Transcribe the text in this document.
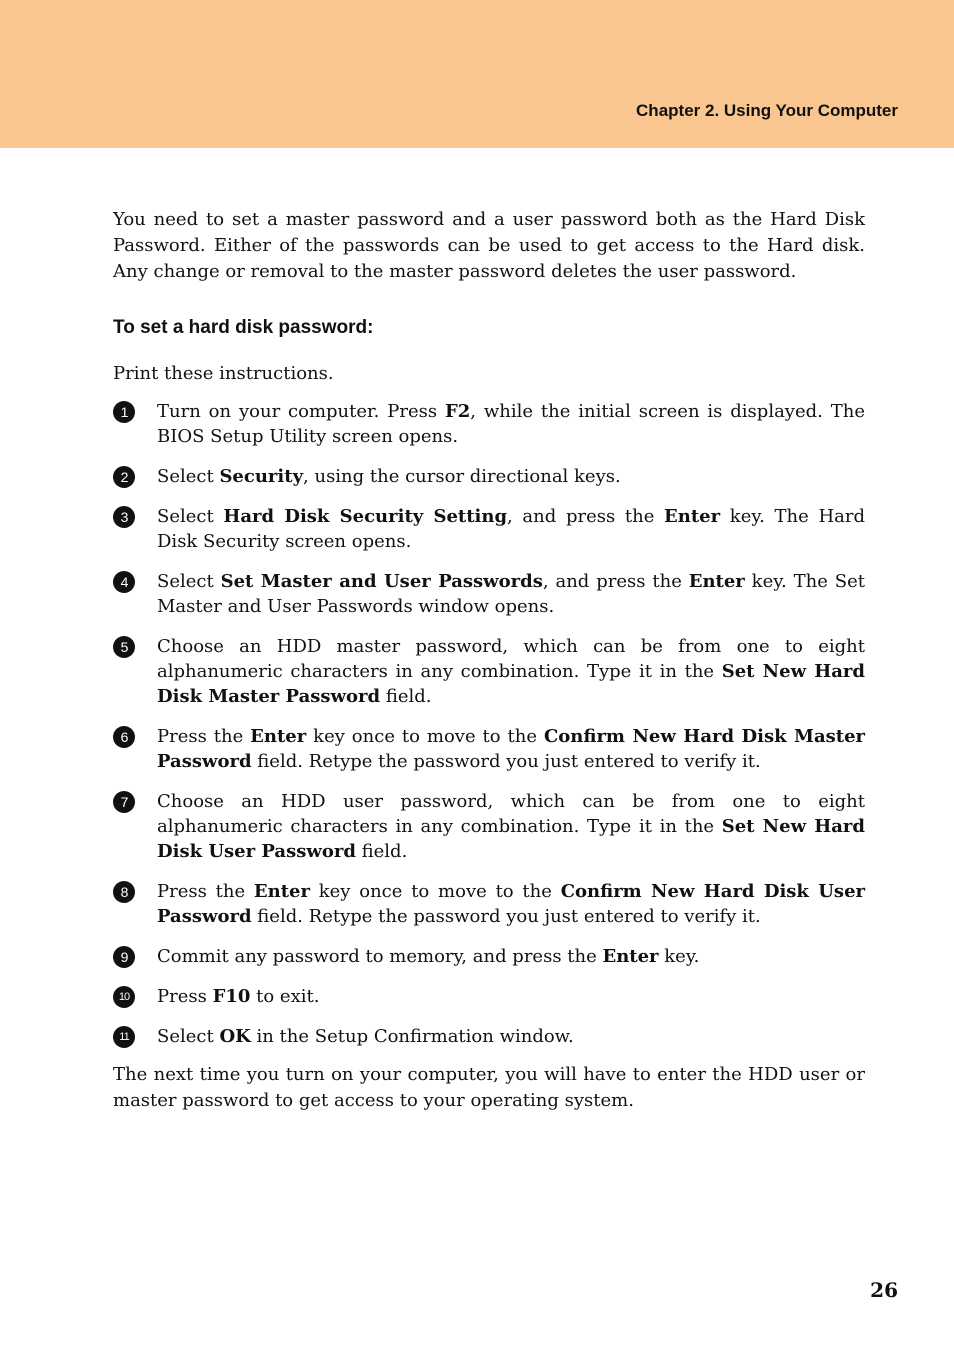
Chapter 2. Using Your Computer

You need to set a master password and a user password both as the Hard Disk Password. Either of the passwords can be used to get access to the Hard disk. Any change or removal to the master password deletes the user password.

To set a hard disk password:

Print these instructions.

1	Turn on your computer. Press F2, while the initial screen is displayed. The BIOS Setup Utility screen opens.
2	Select Security, using the cursor directional keys.
3	Select Hard Disk Security Setting, and press the Enter key. The Hard Disk Security screen opens.
4	Select Set Master and User Passwords, and press the Enter key. The Set Master and User Passwords window opens.
5	Choose an HDD master password, which can be from one to eight alphanumeric characters in any combination. Type it in the Set New Hard Disk Master Password field.
6	Press the Enter key once to move to the Confirm New Hard Disk Master Password field. Retype the password you just entered to verify it.
7	Choose an HDD user password, which can be from one to eight alphanumeric characters in any combination. Type it in the Set New Hard Disk User Password field.
8	Press the Enter key once to move to the Confirm New Hard Disk User Password field. Retype the password you just entered to verify it.
9	Commit any password to memory, and press the Enter key.
10	Press F10 to exit.
11	Select OK in the Setup Confirmation window.

The next time you turn on your computer, you will have to enter the HDD user or master password to get access to your operating system.

26
